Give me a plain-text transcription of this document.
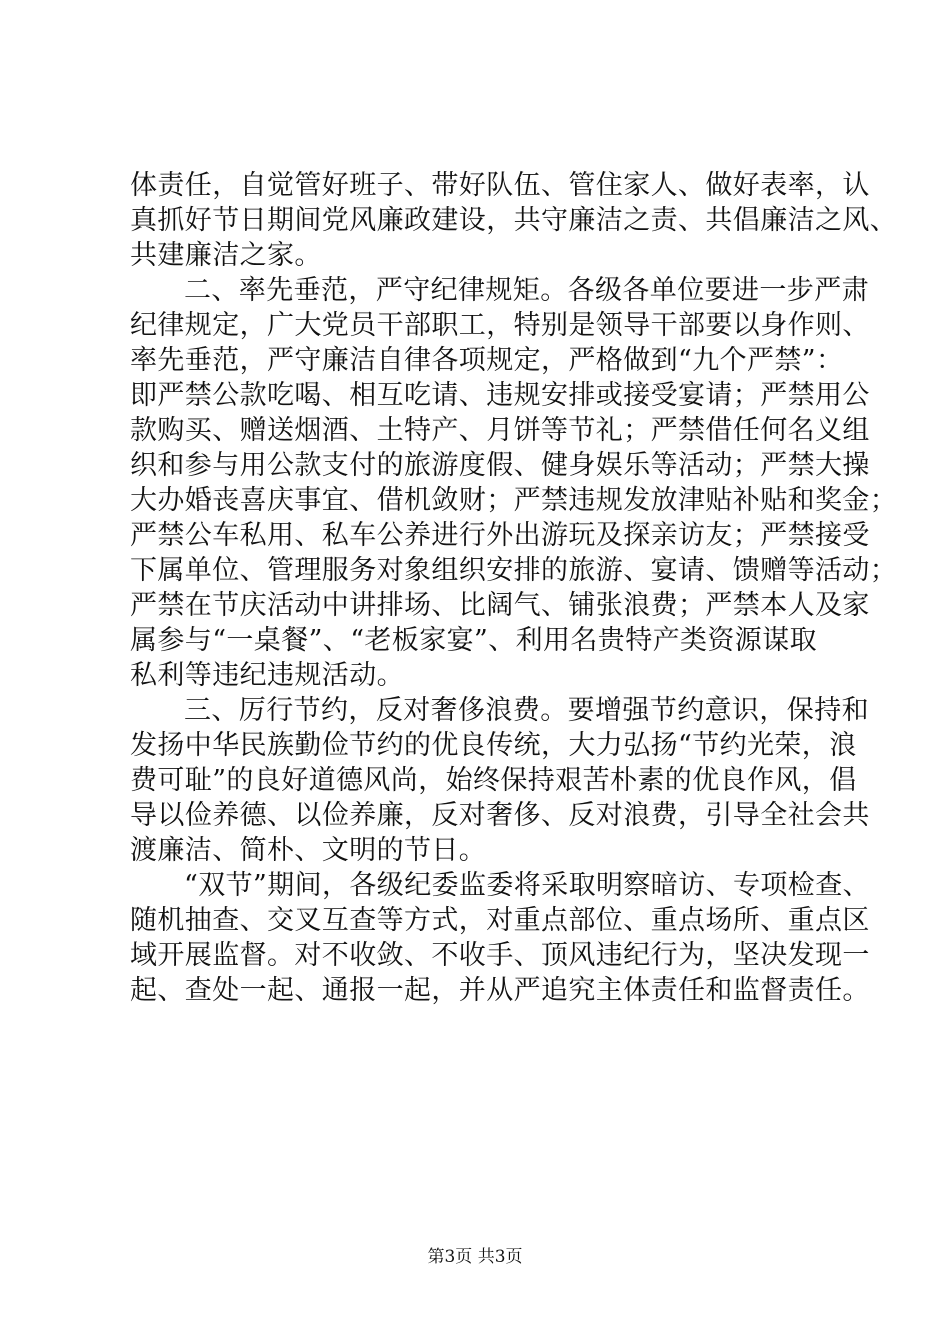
体责任，自觉管好班子、带好队伍、管住家人、做好表率，认
真抓好节日期间党风廉政建设，共守廉洁之责、共倡廉洁之风、
共建廉洁之家。
二、率先垂范，严守纪律规矩。各级各单位要进一步严肃
纪律规定，广大党员干部职工，特别是领导干部要以身作则、
率先垂范，严守廉洁自律各项规定，严格做到“九个严禁”：
即严禁公款吃喝、相互吃请、违规安排或接受宴请；严禁用公
款购买、赠送烟酒、土特产、月饼等节礼；严禁借任何名义组
织和参与用公款支付的旅游度假、健身娱乐等活动；严禁大操
大办婚丧喜庆事宜、借机敛财；严禁违规发放津贴补贴和奖金；
严禁公车私用、私车公养进行外出游玩及探亲访友；严禁接受
下属单位、管理服务对象组织安排的旅游、宴请、馈赠等活动；
严禁在节庆活动中讲排场、比阔气、铺张浪费；严禁本人及家
属参与“一桌餐”、“老板家宴”、利用名贵特产类资源谋取
私利等违纪违规活动。
三、厉行节约，反对奢侈浪费。要增强节约意识，保持和
发扬中华民族勤俭节约的优良传统，大力弘扬“节约光荣，浪
费可耻”的良好道德风尚，始终保持艰苦朴素的优良作风，倡
导以俭养德、以俭养廉，反对奢侈、反对浪费，引导全社会共
渡廉洁、简朴、文明的节日。
“双节”期间，各级纪委监委将采取明察暗访、专项检查、
随机抽查、交叉互查等方式，对重点部位、重点场所、重点区
域开展监督。对不收敛、不收手、顶风违纪行为，坚决发现一
起、查处一起、通报一起，并从严追究主体责任和监督责任。
第3页 共3页
